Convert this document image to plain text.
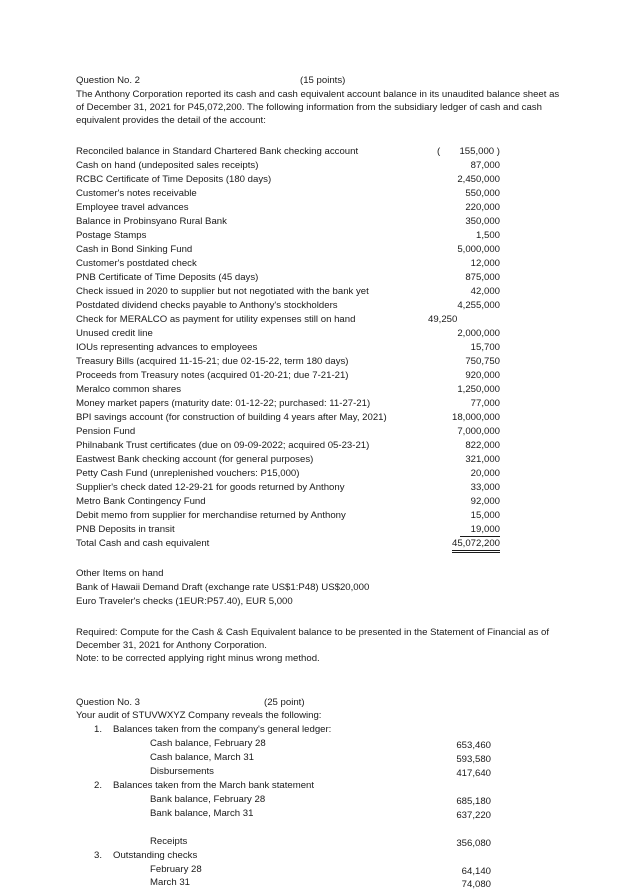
Question No. 2	(15 points)
The Anthony Corporation reported its cash and cash equivalent account balance in its unaudited balance sheet as of December 31, 2021 for P45,072,200. The following information from the subsidiary ledger of cash and cash equivalent provides the detail of the account:
Reconciled balance in Standard Chartered Bank checking account	( 155,000 )
Cash on hand (undeposited sales receipts)	87,000
RCBC Certificate of Time Deposits (180 days)	2,450,000
Customer's notes receivable	550,000
Employee travel advances	220,000
Balance in Probinsyano Rural Bank	350,000
Postage Stamps	1,500
Cash in Bond Sinking Fund	5,000,000
Customer's postdated check	12,000
PNB Certificate of Time Deposits (45 days)	875,000
Check issued in 2020 to supplier but not negotiated with the bank yet	42,000
Postdated dividend checks payable to Anthony's stockholders	4,255,000
Check for MERALCO as payment for utility expenses still on hand	49,250
Unused credit line	2,000,000
IOUs representing advances to employees	15,700
Treasury Bills (acquired 11-15-21; due 02-15-22, term 180 days)	750,750
Proceeds from Treasury notes (acquired 01-20-21; due 7-21-21)	920,000
Meralco common shares	1,250,000
Money market papers (maturity date: 01-12-22; purchased: 11-27-21)	77,000
BPI savings account (for construction of building 4 years after May, 2021)	18,000,000
Pension Fund	7,000,000
Philnabank Trust certificates (due on 09-09-2022; acquired 05-23-21)	822,000
Eastwest Bank checking account (for general purposes)	321,000
Petty Cash Fund (unreplenished vouchers: P15,000)	20,000
Supplier's check dated 12-29-21 for goods returned by Anthony	33,000
Metro Bank Contingency Fund	92,000
Debit memo from supplier for merchandise returned by Anthony	15,000
PNB Deposits in transit	19,000
Total Cash and cash equivalent	45,072,200
Other Items on hand
Bank of Hawaii Demand Draft (exchange rate US$1:P48) US$20,000
Euro Traveler's checks (1EUR:P57.40), EUR 5,000
Required: Compute for the Cash & Cash Equivalent balance to be presented in the Statement of Financial as of December 31, 2021 for Anthony Corporation.
Note: to be corrected applying right minus wrong method.
Question No. 3	(25 point)
Your audit of STUVWXYZ Company reveals the following:
1. Balances taken from the company's general ledger:
Cash balance, February 28	653,460
Cash balance, March 31	593,580
Disbursements	417,640
2. Balances taken from the March bank statement
Bank balance, February 28	685,180
Bank balance, March 31	637,220
Receipts	356,080
3. Outstanding checks
February 28	64,140
March 31	74,080
